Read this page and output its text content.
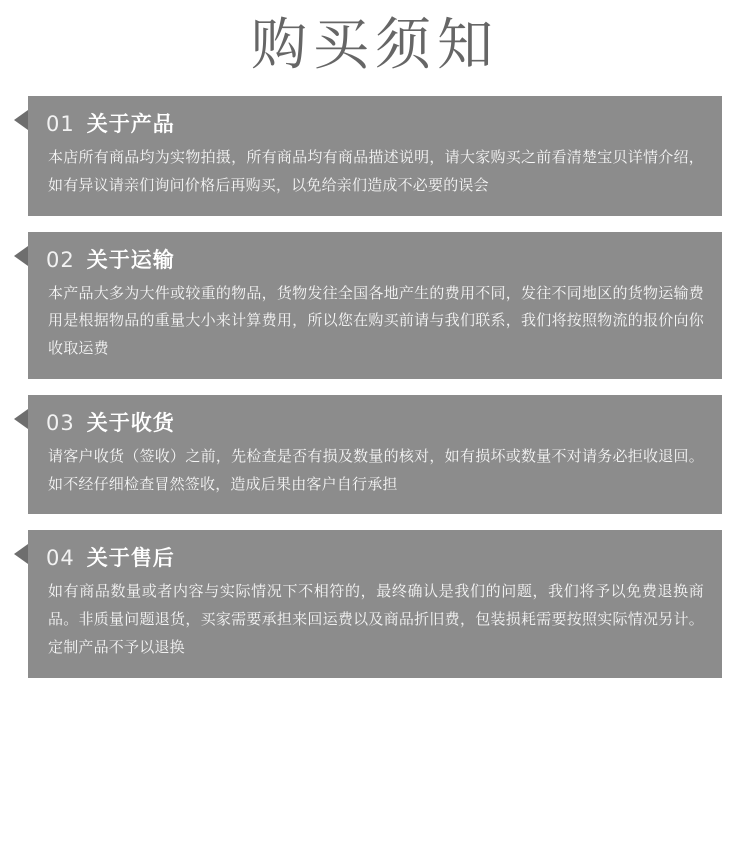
购买须知
01 关于产品
本店所有商品均为实物拍摄，所有商品均有商品描述说明，请大家购买之前看清楚宝贝详情介绍，如有异议请亲们询问价格后再购买，以免给亲们造成不必要的误会
02 关于运输
本产品大多为大件或较重的物品，货物发往全国各地产生的费用不同，发往不同地区的货物运输费用是根据物品的重量大小来计算费用，所以您在购买前请与我们联系，我们将按照物流的报价向你收取运费
03 关于收货
请客户收货（签收）之前，先检查是否有损及数量的核对，如有损坏或数量不对请务必拒收退回。如不经仔细检查冒然签收，造成后果由客户自行承担
04 关于售后
如有商品数量或者内容与实际情况下不相符的，最终确认是我们的问题，我们将予以免费退换商品。非质量问题退货，买家需要承担来回运费以及商品折旧费，包装损耗需要按照实际情况另计。定制产品不予以退换
